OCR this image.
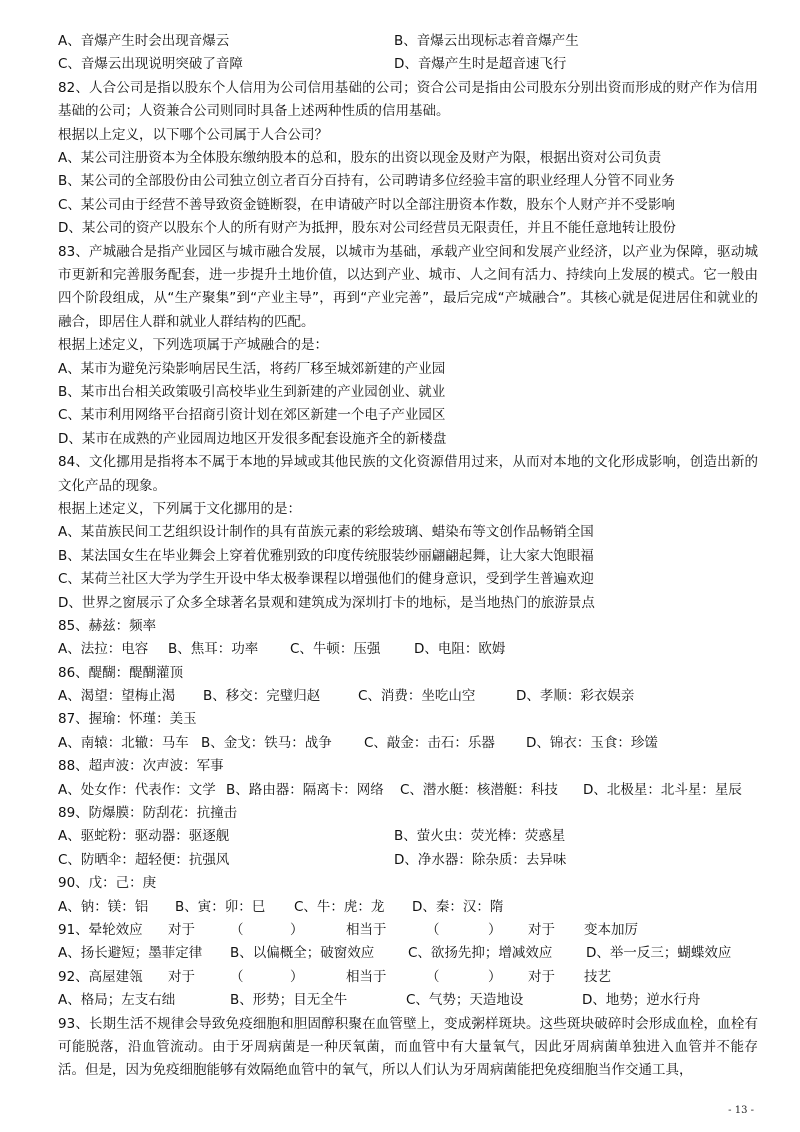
A、音爆产生时会出现音爆云	B、音爆云出现标志着音爆产生
C、音爆云出现说明突破了音障	D、音爆产生时是超音速飞行
82、人合公司是指以股东个人信用为公司信用基础的公司；资合公司是指由公司股东分别出资而形成的财产作为信用基础的公司；人资兼合公司则同时具备上述两种性质的信用基础。
根据以上定义，以下哪个公司属于人合公司？
A、某公司注册资本为全体股东缴纳股本的总和，股东的出资以现金及财产为限，根据出资对公司负责
B、某公司的全部股份由公司独立创立者百分百持有，公司聘请多位经验丰富的职业经理人分管不同业务
C、某公司由于经营不善导致资金链断裂，在申请破产时以全部注册资本作数，股东个人财产并不受影响
D、某公司的资产以股东个人的所有财产为抵押，股东对公司经营员无限责任，并且不能任意地转让股份
83、产城融合是指产业园区与城市融合发展，以城市为基础，承载产业空间和发展产业经济，以产业为保障，驱动城市更新和完善服务配套，进一步提升土地价值，以达到产业、城市、人之间有活力、持续向上发展的模式。它一般由四个阶段组成，从“生产聚集”到“产业主导”，再到“产业完善”，最后完成“产城融合”。其核心就是促进居住和就业的融合，即居住人群和就业人群结构的匹配。
根据上述定义，下列选项属于产城融合的是：
A、某市为避免污染影响居民生活，将药厂移至城郊新建的产业园
B、某市出台相关政策吸引高校毕业生到新建的产业园创业、就业
C、某市利用网络平台招商引资计划在郊区新建一个电子产业园区
D、某市在成熟的产业园周边地区开发很多配套设施齐全的新楼盘
84、文化挪用是指将本不属于本地的异域或其他民族的文化资源借用过来，从而对本地的文化形成影响，创造出新的文化产品的现象。
根据上述定义，下列属于文化挪用的是：
A、某苗族民间工艺组织设计制作的具有苗族元素的彩绘玻璃、蜡染布等文创作品畅销全国
B、某法国女生在毕业舞会上穿着优雅别致的印度传统服装纱丽翩翩起舞，让大家大饱眼福
C、某荷兰社区大学为学生开设中华太极拳课程以增强他们的健身意识，受到学生普遍欢迎
D、世界之窗展示了众多全球著名景观和建筑成为深圳打卡的地标，是当地热门的旅游景点
85、赫兹：频率
A、法拉：电容	B、焦耳：功率	C、牛顿：压强	D、电阻：欧姆
86、醍醐：醍醐灌顶
A、渴望：望梅止渴	B、移交：完璧归赵	C、消费：坐吃山空	D、孝顺：彩衣娱亲
87、握瑜：怀瑾：美玉
A、南辕：北辙：马车 B、金戈：铁马：战争	C、敲金：击石：乐器	D、锦衣：玉食：珍馐
88、超声波：次声波：军事
A、处女作：代表作：文学 B、路由器：隔离卡：网络	C、潜水艇：核潜艇：科技	D、北极星：北斗星：星辰
89、防爆膜：防刮花：抗撞击
A、驱蛇粉：驱动器：驱逐舰	B、萤火虫：荧光棒：荧惑星
C、防晒伞：超轻便：抗强风	D、净水器：除杂质：去异味
90、戊：己：庚
A、钠：镁：铝	B、寅：卯：巳	C、牛：虎：龙	D、秦：汉：隋
91、晕轮效应	对于	（	）	相当于	（	）	对于	变本加厉
A、扬长避短；墨菲定律	B、以偏概全；破窗效应	C、欲扬先抑；增减效应	D、举一反三；蝴蝶效应
92、高屋建瓴	对于	（	）	相当于	（	）	对于	技艺
A、格局；左支右绌	B、形势；目无全牛	C、气势；天造地设	D、地势；逆水行舟
93、长期生活不规律会导致免疫细胞和胆固醇积聚在血管壁上，变成粥样斑块。这些斑块破碎时会形成血栓，血栓有可能脱落，沿血管流动。由于牙周病菌是一种厌氧菌，而血管中有大量氧气，因此牙周病菌单独进入血管并不能存活。但是，因为免疫细胞能够有效隔绝血管中的氧气，所以人们认为牙周病菌能把免疫细胞当作交通工具，
- 13 -
